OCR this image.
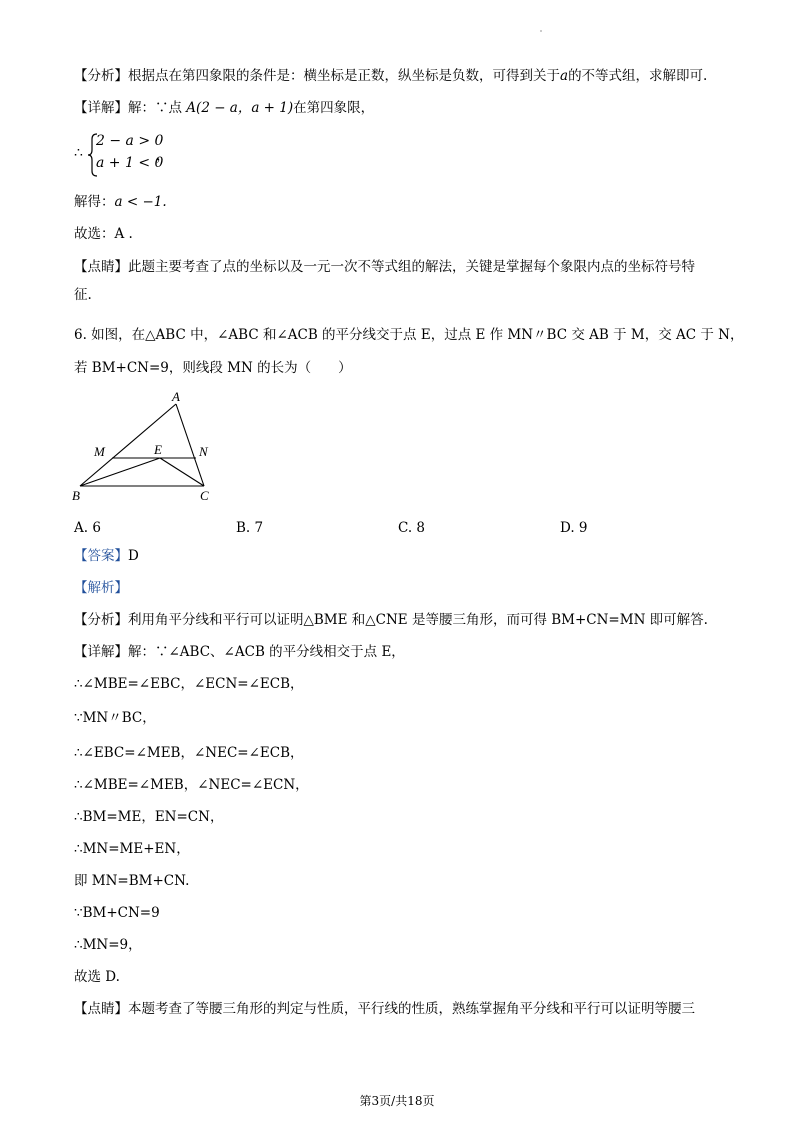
【分析】根据点在第四象限的条件是：横坐标是正数，纵坐标是负数，可得到关于a的不等式组，求解即可.
【详解】解：∵点 A(2 − a，a + 1)在第四象限，
∴
2 − a > 0
a + 1 < 0
，
解得：a < −1.
故选：A .
【点睛】此题主要考查了点的坐标以及一元一次不等式组的解法，关键是掌握每个象限内点的坐标符号特
征.
6. 如图，在△ABC 中，∠ABC 和∠ACB 的平分线交于点 E，过点 E 作 MN〃BC 交 AB 于 M，交 AC 于 N，
若 BM+CN=9，则线段 MN 的长为（　　）
A
B	C
M	N
E
A. 6	B. 7	C. 8	D. 9
【答案】D
【解析】
【分析】利用角平分线和平行可以证明△BME 和△CNE 是等腰三角形，而可得 BM+CN=MN 即可解答.
【详解】解：∵∠ABC、∠ACB 的平分线相交于点 E，
∴∠MBE=∠EBC，∠ECN=∠ECB，
∵MN〃BC，
∴∠EBC=∠MEB，∠NEC=∠ECB，
∴∠MBE=∠MEB，∠NEC=∠ECN，
∴BM=ME，EN=CN，
∴MN=ME+EN，
即 MN=BM+CN.
∵BM+CN=9
∴MN=9，
故选 D.
【点睛】本题考查了等腰三角形的判定与性质，平行线的性质，熟练掌握角平分线和平行可以证明等腰三
第3页/共18页
